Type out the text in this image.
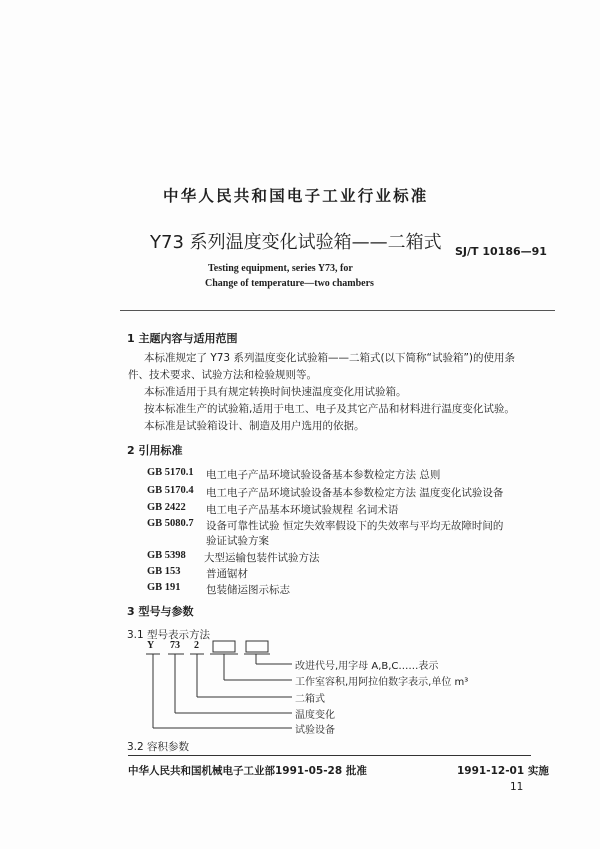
中华人民共和国电子工业行业标准
Y73 系列温度变化试验箱——二箱式 SJ/T 10186—91
Testing equipment, series Y73, for
Change of temperature—two chambers
1 主题内容与适用范围
本标准规定了 Y73 系列温度变化试验箱——二箱式(以下简称“试验箱”)的使用条
件、技术要求、试验方法和检验规则等。
本标准适用于具有规定转换时间快速温度变化用试验箱。
按本标准生产的试验箱,适用于电工、电子及其它产品和材料进行温度变化试验。
本标准是试验箱设计、制造及用户选用的依据。
2 引用标准
GB 5170.1 电工电子产品环境试验设备基本参数检定方法 总则
GB 5170.4 电工电子产品环境试验设备基本参数检定方法 温度变化试验设备
GB 2422 电工电子产品基本环境试验规程 名词术语
GB 5080.7 设备可靠性试验 恒定失效率假设下的失效率与平均无故障时间的
验证试验方案
GB 5398 大型运输包装件试验方法
GB 153 普通锯材
GB 191 包装储运图示标志
3 型号与参数
3.1 型号表示方法
Y 73 2
改进代号,用字母 A,B,C……表示
工作室容积,用阿拉伯数字表示,单位 m³
二箱式
温度变化
试验设备
3.2 容积参数
中华人民共和国机械电子工业部1991-05-28 批准	1991-12-01 实施
11
